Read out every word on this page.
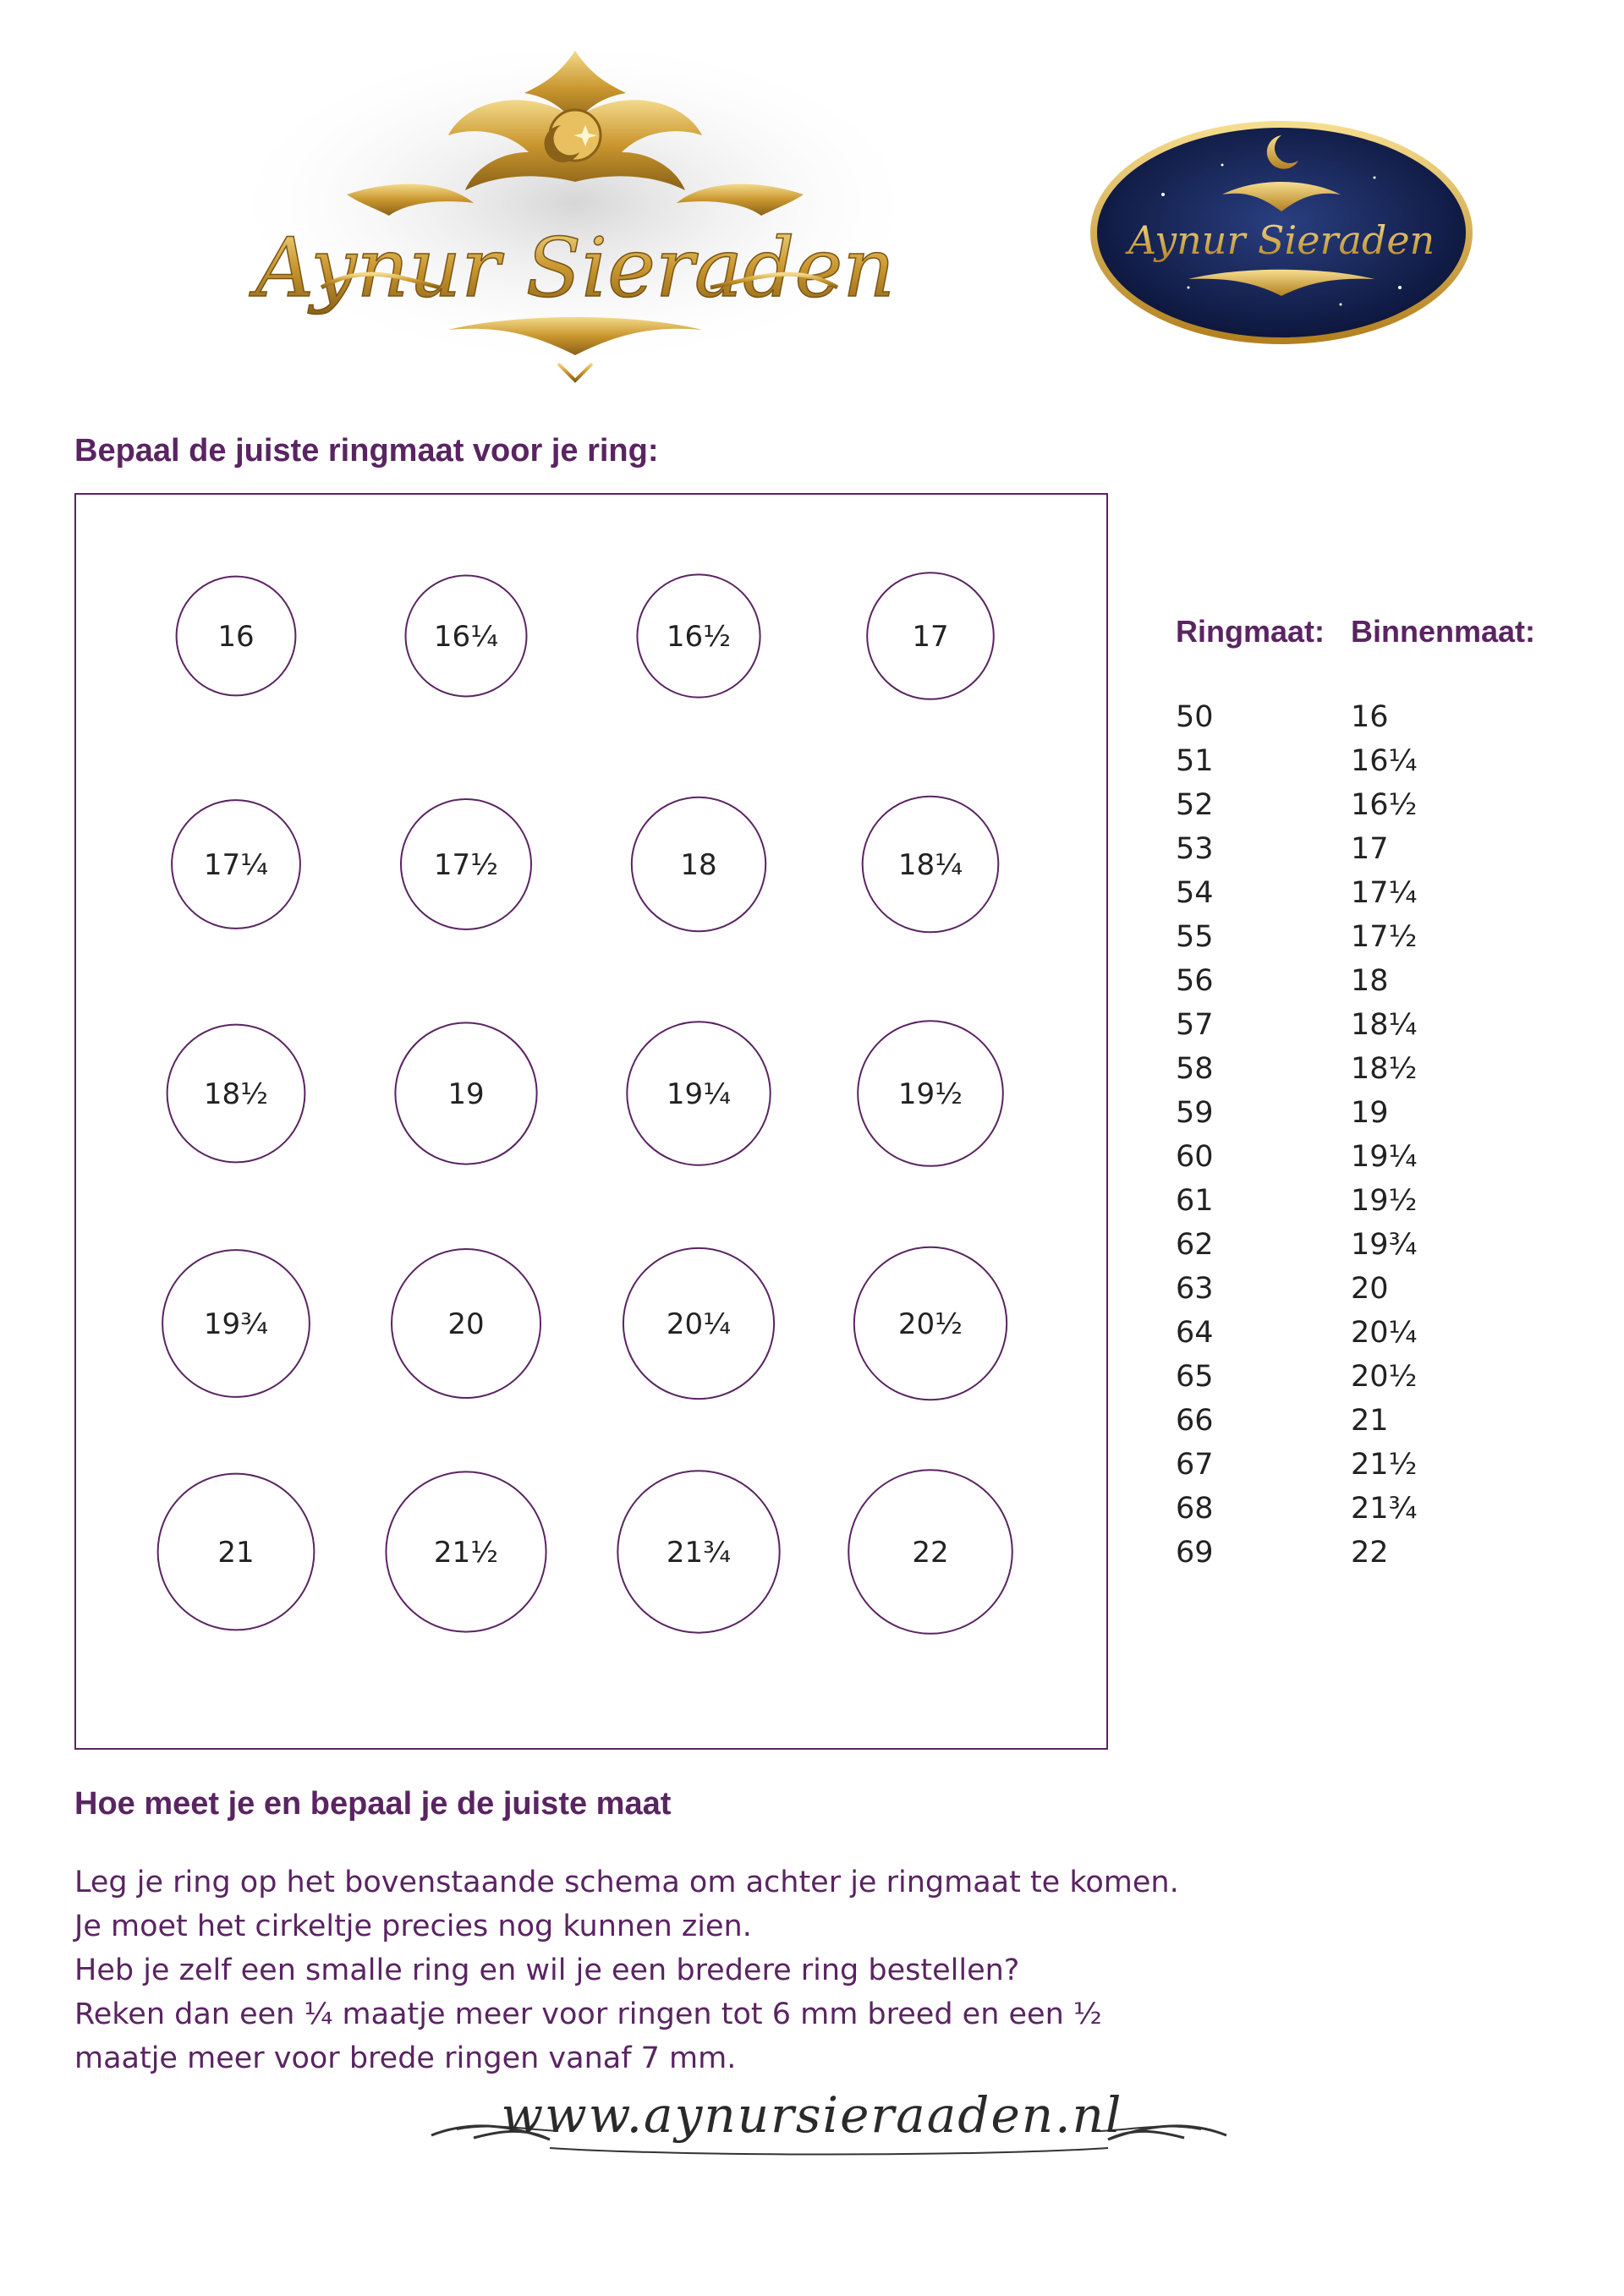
Aynur Sieraden	Aynur Sieraden
Bepaal de juiste ringmaat voor je ring:
16	16¼	16½	17
17¼	17½	18	18¼
18½	19	19¼	19½
19¾	20	20¼	20½
21	21½	21¾	22
Ringmaat: Binnenmaat:
50	16
51	16¼
52	16½
53	17
54	17¼
55	17½
56	18
57	18¼
58	18½
59	19
60	19¼
61	19½
62	19¾
63	20
64	20¼
65	20½
66	21
67	21½
68	21¾
69	22
Hoe meet je en bepaal je de juiste maat
Leg je ring op het bovenstaande schema om achter je ringmaat te komen.
Je moet het cirkeltje precies nog kunnen zien.
Heb je zelf een smalle ring en wil je een bredere ring bestellen?
Reken dan een ¼ maatje meer voor ringen tot 6 mm breed en een ½
maatje meer voor brede ringen vanaf 7 mm.
www.aynursieraaden.nl
